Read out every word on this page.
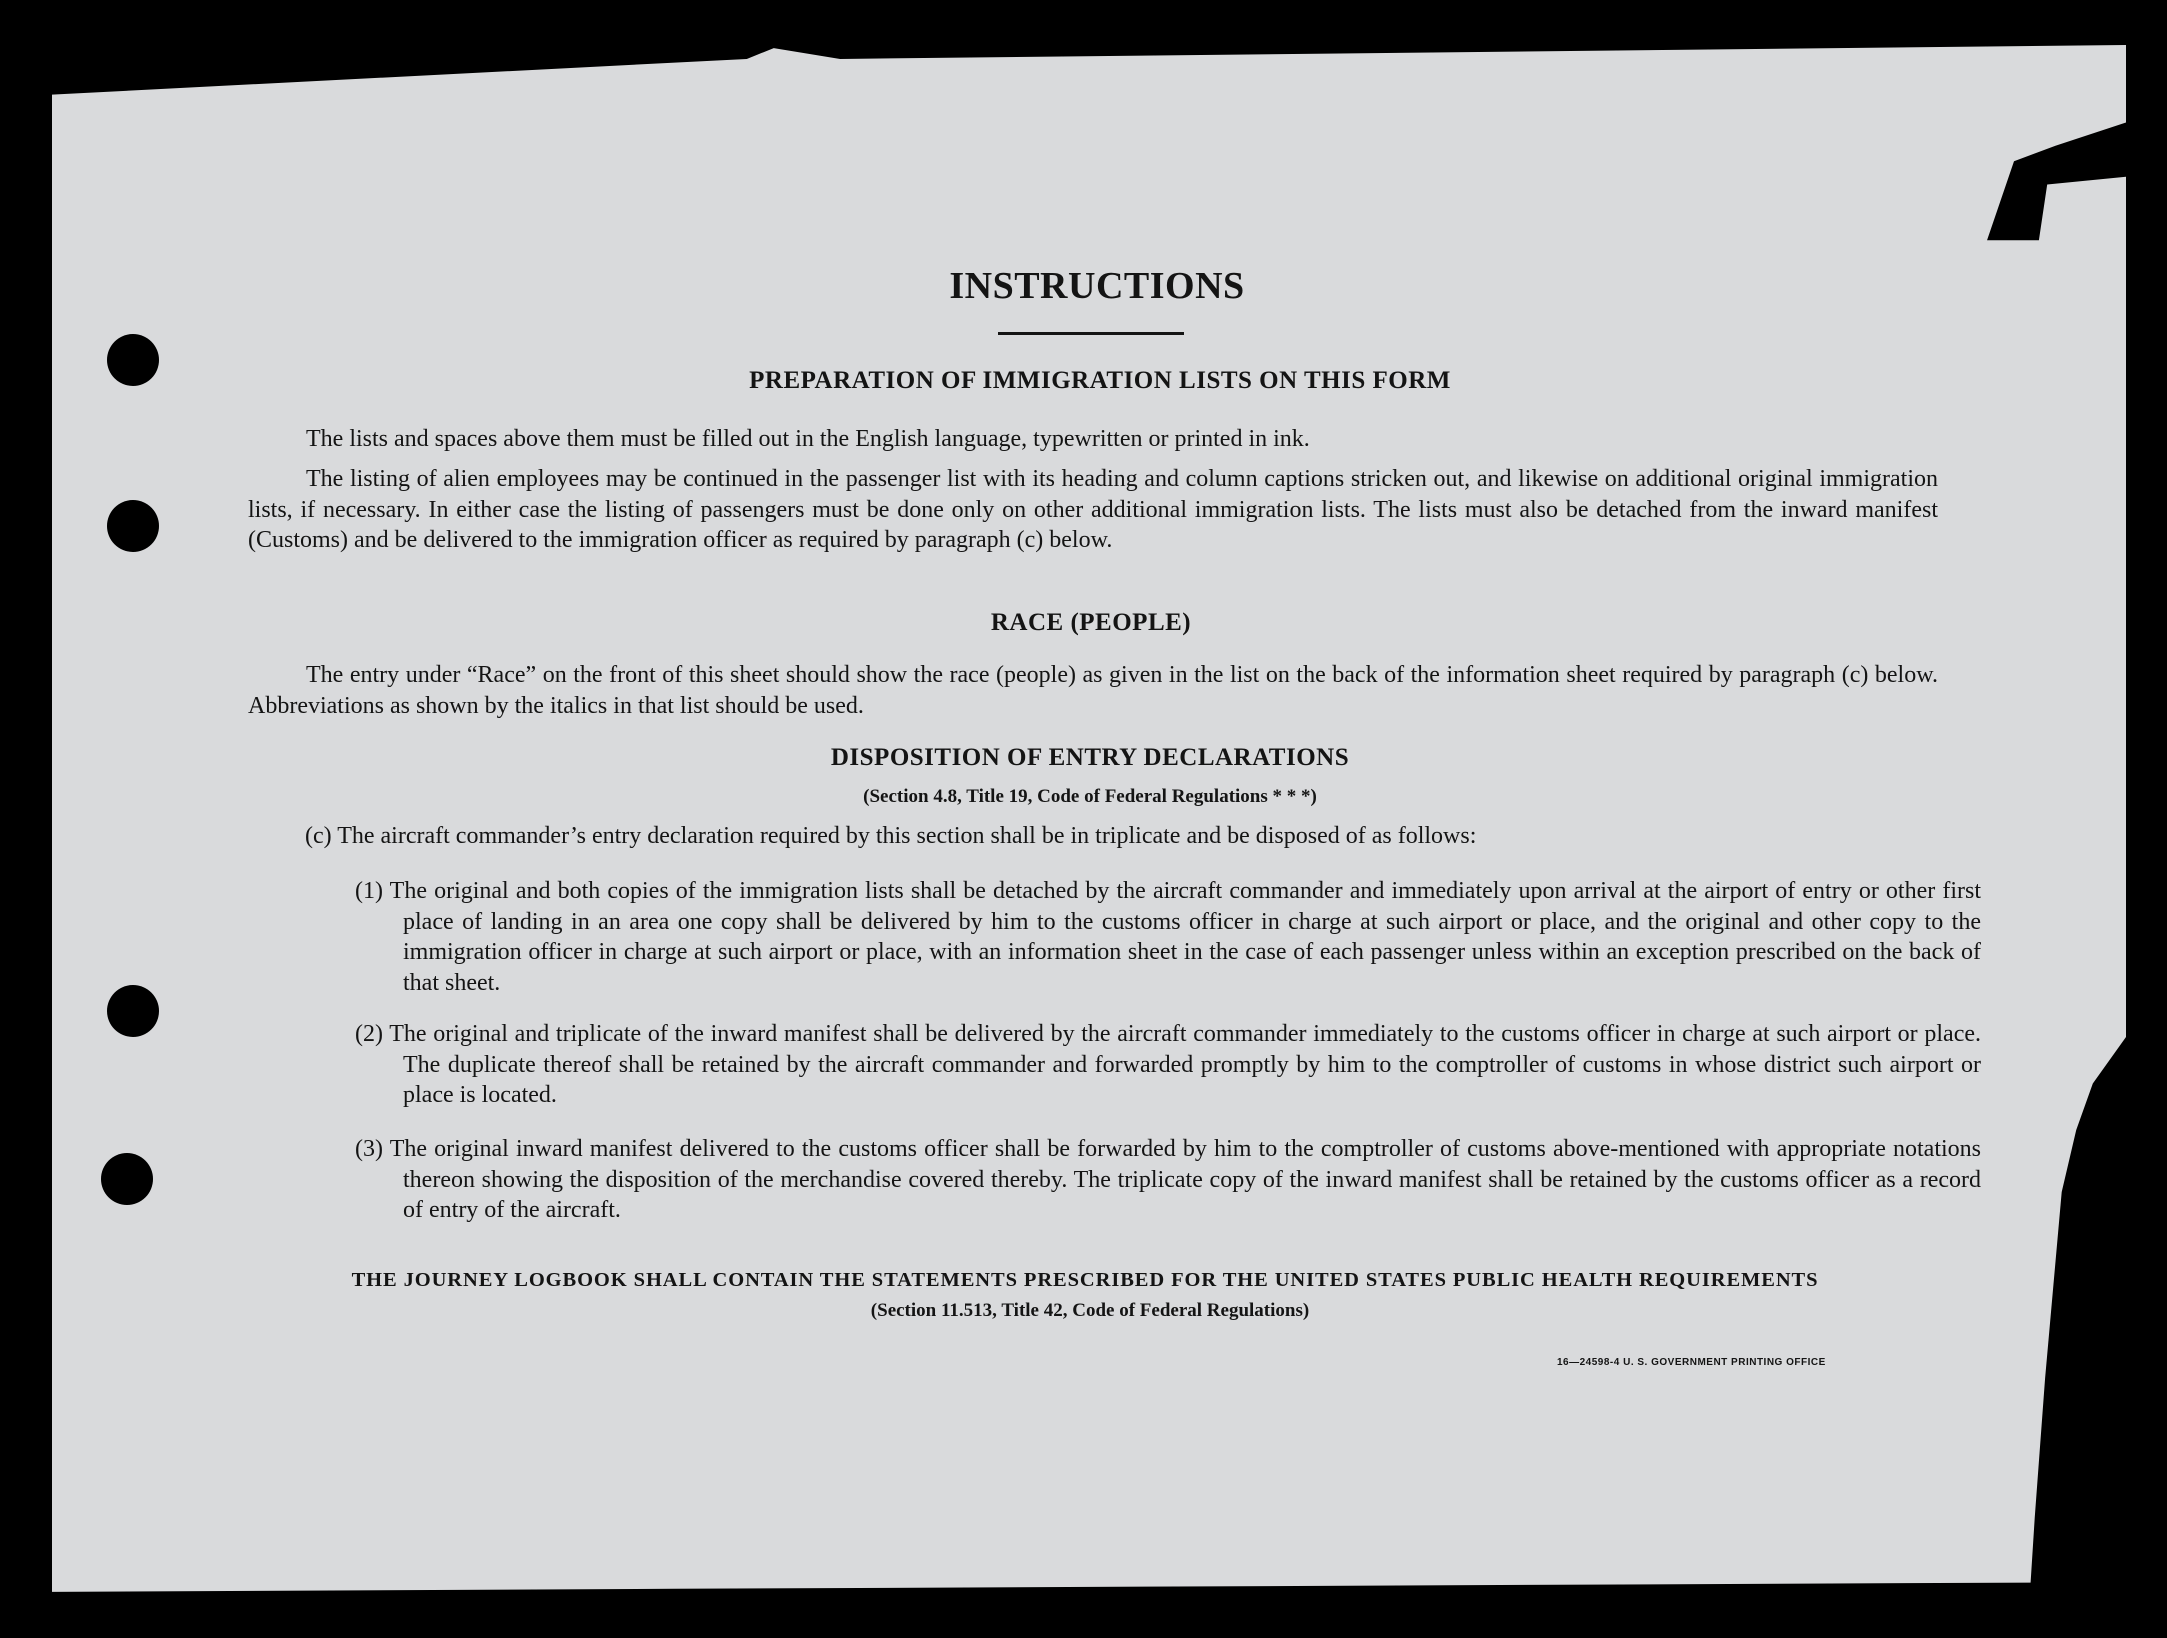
INSTRUCTIONS
PREPARATION OF IMMIGRATION LISTS ON THIS FORM
The lists and spaces above them must be filled out in the English language, typewritten or printed in ink.
The listing of alien employees may be continued in the passenger list with its heading and column captions stricken out, and likewise on additional original immigration lists, if necessary. In either case the listing of passengers must be done only on other additional immigration lists. The lists must also be detached from the inward manifest (Customs) and be delivered to the immigration officer as required by paragraph (c) below.
RACE (PEOPLE)
The entry under “Race” on the front of this sheet should show the race (people) as given in the list on the back of the information sheet required by paragraph (c) below. Abbreviations as shown by the italics in that list should be used.
DISPOSITION OF ENTRY DECLARATIONS
(Section 4.8, Title 19, Code of Federal Regulations * * *)
(c) The aircraft commander’s entry declaration required by this section shall be in triplicate and be disposed of as follows:
(1) The original and both copies of the immigration lists shall be detached by the aircraft commander and immediately upon arrival at the airport of entry or other first place of landing in an area one copy shall be delivered by him to the customs officer in charge at such airport or place, and the original and other copy to the immigration officer in charge at such airport or place, with an information sheet in the case of each passenger unless within an exception prescribed on the back of that sheet.
(2) The original and triplicate of the inward manifest shall be delivered by the aircraft commander immediately to the customs officer in charge at such airport or place. The duplicate thereof shall be retained by the aircraft commander and forwarded promptly by him to the comptroller of customs in whose district such airport or place is located.
(3) The original inward manifest delivered to the customs officer shall be forwarded by him to the comptroller of customs above-mentioned with appropriate notations thereon showing the disposition of the merchandise covered thereby. The triplicate copy of the inward manifest shall be retained by the customs officer as a record of entry of the aircraft.
THE JOURNEY LOGBOOK SHALL CONTAIN THE STATEMENTS PRESCRIBED FOR THE UNITED STATES PUBLIC HEALTH REQUIREMENTS
(Section 11.513, Title 42, Code of Federal Regulations)
16—24598-4 U. S. GOVERNMENT PRINTING OFFICE
